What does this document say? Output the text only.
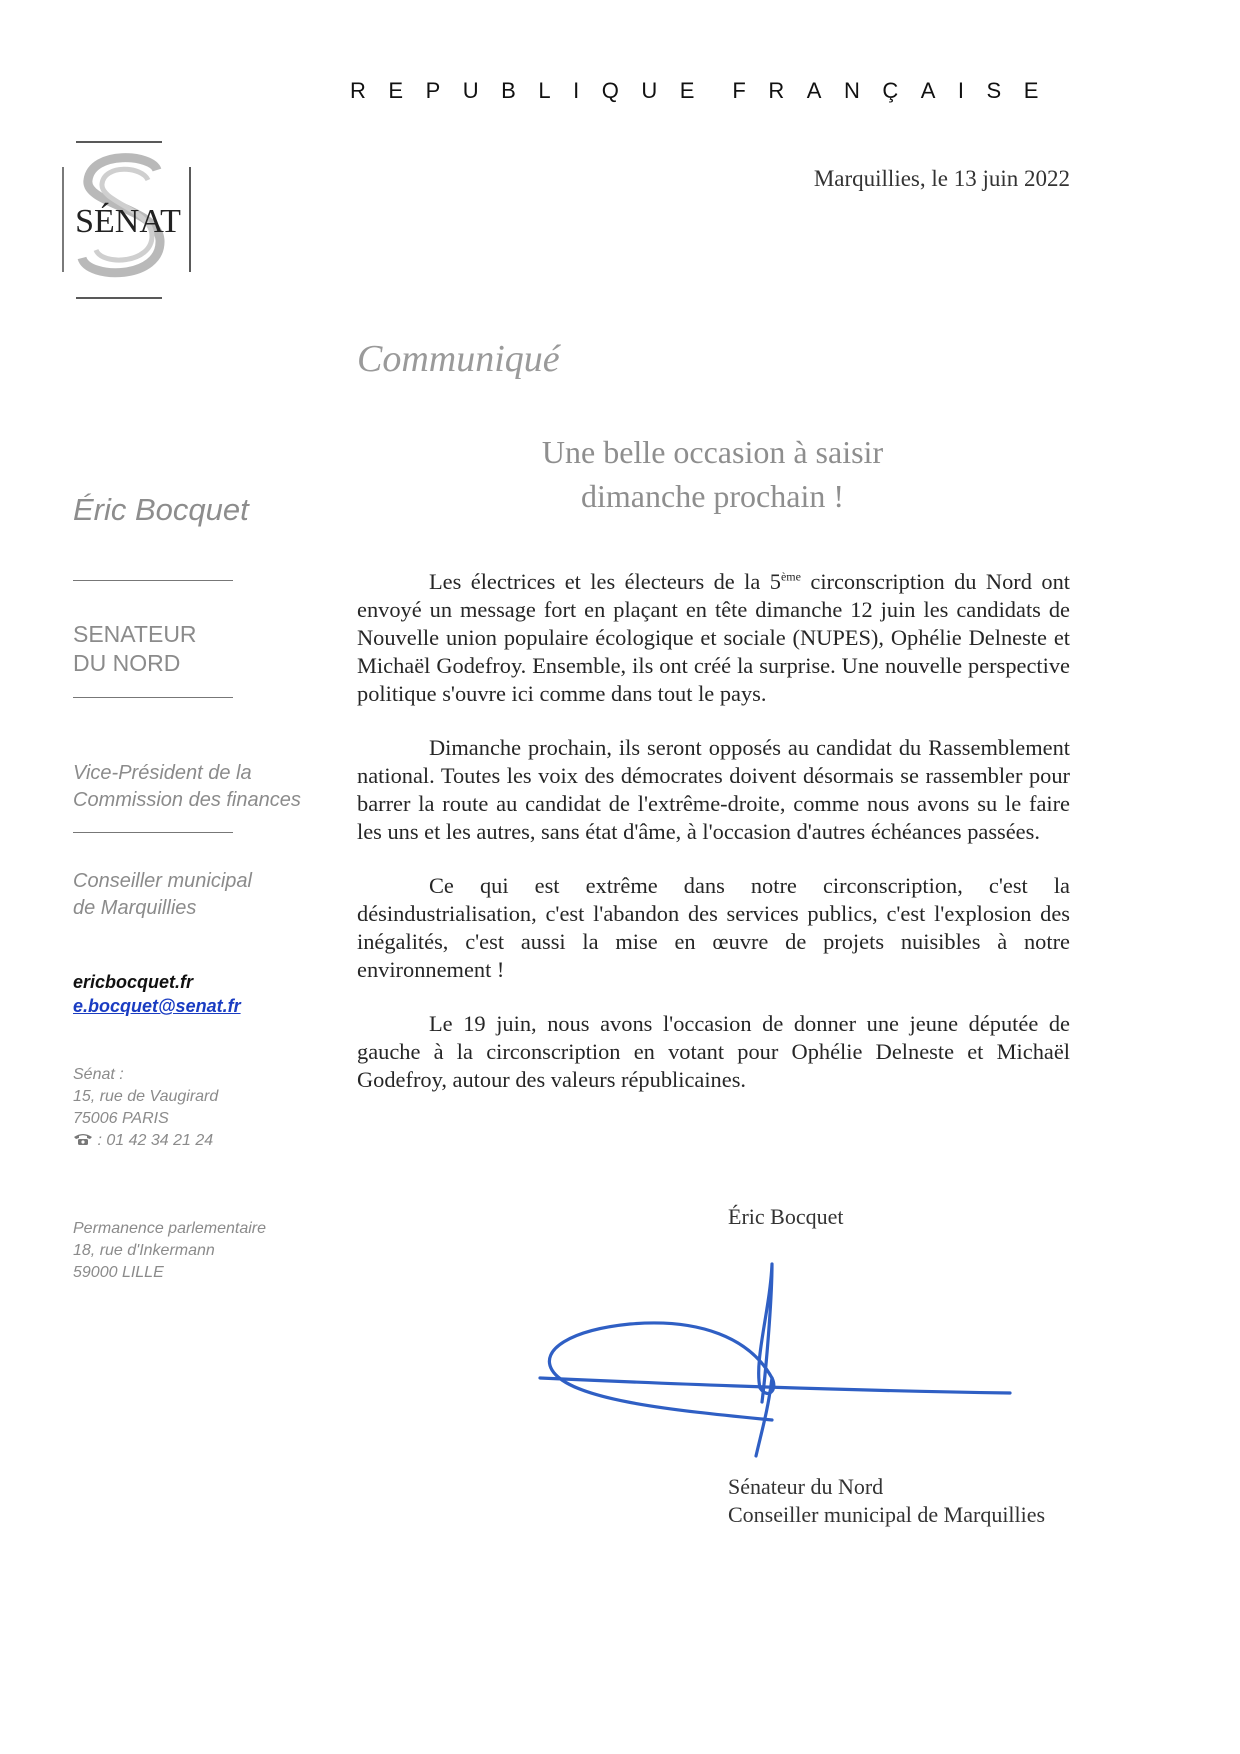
R E P U B L I Q U E F R A N Ç A I S E
SÉNAT
Marquillies, le 13 juin 2022
Communiqué
Une belle occasion à saisir
dimanche prochain !
Éric Bocquet
SENATEUR
DU NORD
Vice-Président de la
Commission des finances
Conseiller municipal
de Marquillies
ericbocquet.fr
e.bocquet@senat.fr
Sénat :
15, rue de Vaugirard
75006 PARIS
: 01 42 34 21 24
Permanence parlementaire
18, rue d'Inkermann
59000 LILLE

Les électrices et les électeurs de la 5ème circonscription du Nord ont envoyé un message fort en plaçant en tête dimanche 12 juin les candidats de Nouvelle union populaire écologique et sociale (NUPES), Ophélie Delneste et Michaël Godefroy. Ensemble, ils ont créé la surprise. Une nouvelle perspective politique s'ouvre ici comme dans tout le pays.

Dimanche prochain, ils seront opposés au candidat du Rassemblement national. Toutes les voix des démocrates doivent désormais se rassembler pour barrer la route au candidat de l'extrême-droite, comme nous avons su le faire les uns et les autres, sans état d'âme, à l'occasion d'autres échéances passées.

Ce qui est extrême dans notre circonscription, c'est la désindustrialisation, c'est l'abandon des services publics, c'est l'explosion des inégalités, c'est aussi la mise en œuvre de projets nuisibles à notre environnement !

Le 19 juin, nous avons l'occasion de donner une jeune députée de gauche à la circonscription en votant pour Ophélie Delneste et Michaël Godefroy, autour des valeurs républicaines.

Éric Bocquet
Sénateur du Nord
Conseiller municipal de Marquillies
